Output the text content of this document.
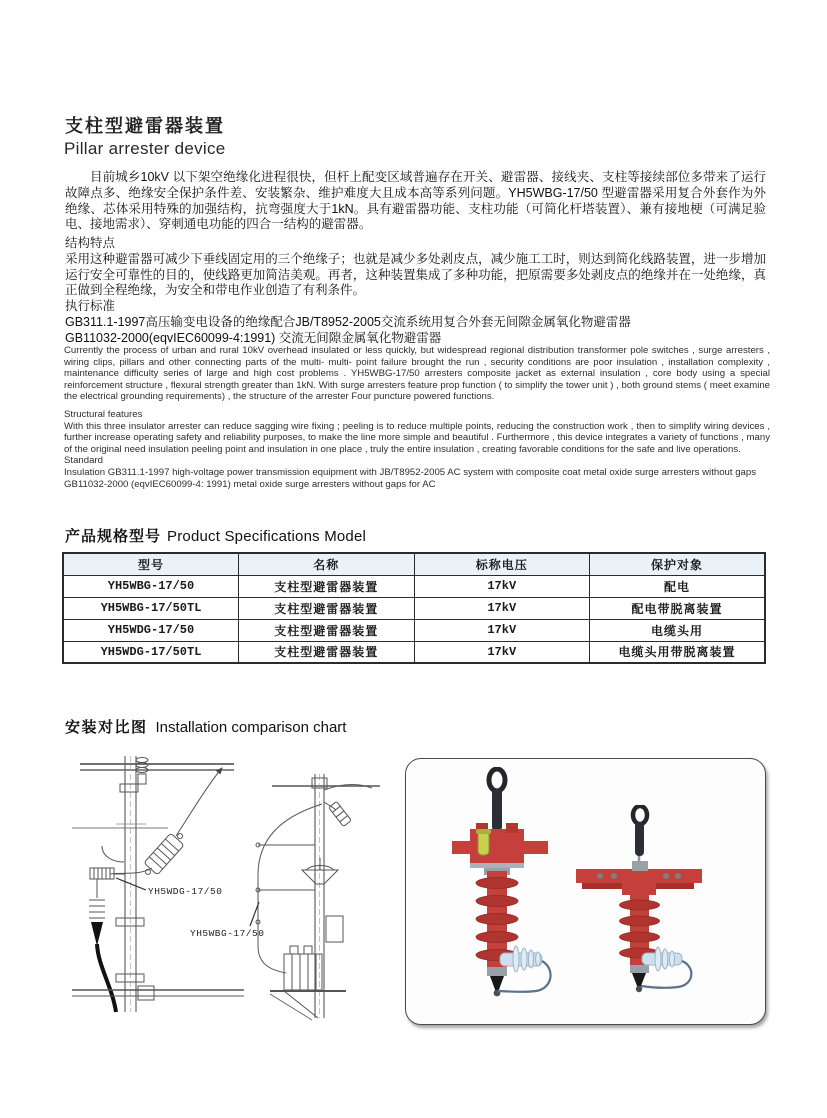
支柱型避雷器装置
Pillar arrester device

目前城乡10kV 以下架空绝缘化进程很快，但杆上配变区域普遍存在开关、避雷器、接线夹、支柱等接续部位多带来了运行故障点多、绝缘安全保护条件差、安装繁杂、维护难度大且成本高等系列问题。YH5WBG-17/50 型避雷器采用复合外套作为外绝缘、芯体采用特殊的加强结构，抗弯强度大于1kN。具有避雷器功能、支柱功能（可简化杆塔装置）、兼有接地梗（可满足验电、接地需求）、穿刺通电功能的四合一结构的避雷器。

结构特点
采用这种避雷器可减少下垂线固定用的三个绝缘子；也就是减少多处剥皮点，减少施工工时，则达到简化线路装置，进一步增加运行安全可靠性的目的，使线路更加简洁美观。再者，这种装置集成了多种功能，把原需要多处剥皮点的绝缘并在一处绝缘，真正做到全程绝缘，为安全和带电作业创造了有利条件。
执行标准
GB311.1-1997高压输变电设备的绝缘配合JB/T8952-2005交流系统用复合外套无间隙金属氧化物避雷器
GB11032-2000(eqvIEC60099-4:1991) 交流无间隙金属氧化物避雷器

Currently the process of urban and rural 10kV overhead insulated or less quickly, but widespread regional distribution transformer pole switches , surge arresters , wiring clips, pillars and other connecting parts of the multi- multi- point failure brought the run , security conditions are poor insulation , installation complexity , maintenance difficulty series of large and high cost problems . YH5WBG-17/50 arresters composite jacket as external insulation , core body using a special reinforcement structure , flexural strength greater than 1kN. With surge arresters feature prop function ( to simplify the tower unit ) , both ground stems ( meet examine the electrical grounding requirements) , the structure of the arrester Four puncture powered functions.

Structural features

With this three insulator arrester can reduce sagging wire fixing ; peeling is to reduce multiple points, reducing the construction work , then to simplify wiring devices , further increase operating safety and reliability purposes, to make the line more simple and beautiful . Furthermore , this device integrates a variety of functions , many of the original need insulation peeling point and insulation in one place , truly the entire insulation , creating favorable conditions for the safe and live operations.

Standard
Insulation GB311.1-1997 high-voltage power transmission equipment with JB/T8952-2005 AC system with composite coat metal oxide surge arresters without gaps
GB11032-2000 (eqvIEC60099-4: 1991) metal oxide surge arresters without gaps for AC
产品规格型号 Product Specifications Model
型号	名称	标称电压	保护对象
YH5WBG-17/50	支柱型避雷器装置	17kV	配电
YH5WBG-17/50TL	支柱型避雷器装置	17kV	配电带脱离装置
YH5WDG-17/50	支柱型避雷器装置	17kV	电缆头用
YH5WDG-17/50TL	支柱型避雷器装置	17kV	电缆头用带脱离装置
安装对比图 Installation comparison chart
YH5WDG-17/50
YH5WBG-17/50
